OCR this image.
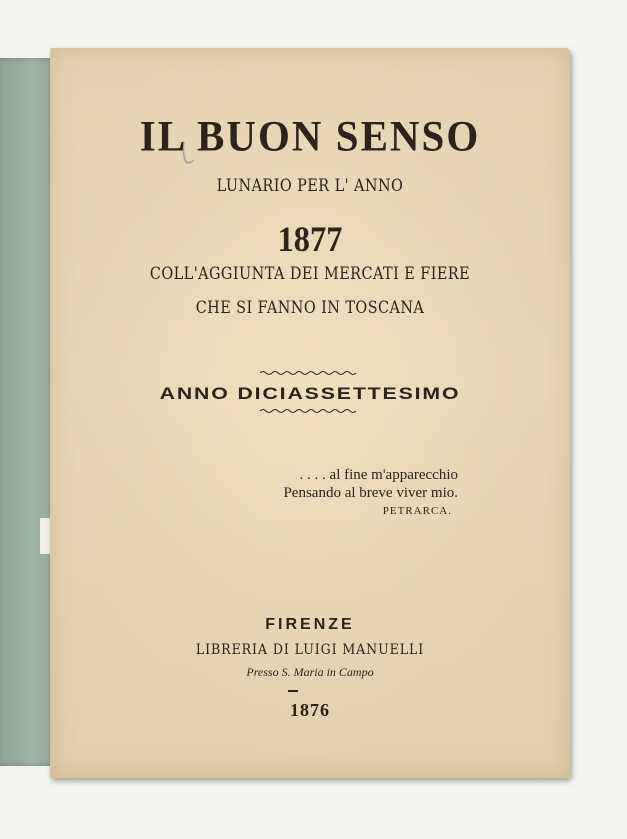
IL BUON SENSO
LUNARIO PER L' ANNO
1877
COLL'AGGIUNTA DEI MERCATI E FIERE
CHE SI FANNO IN TOSCANA
ANNO DICIASSETTESIMO
. . . . al fine m'apparecchio
Pensando al breve viver mio.
PETRARCA.
FIRENZE
LIBRERIA DI LUIGI MANUELLI
Presso S. Maria in Campo
1876
